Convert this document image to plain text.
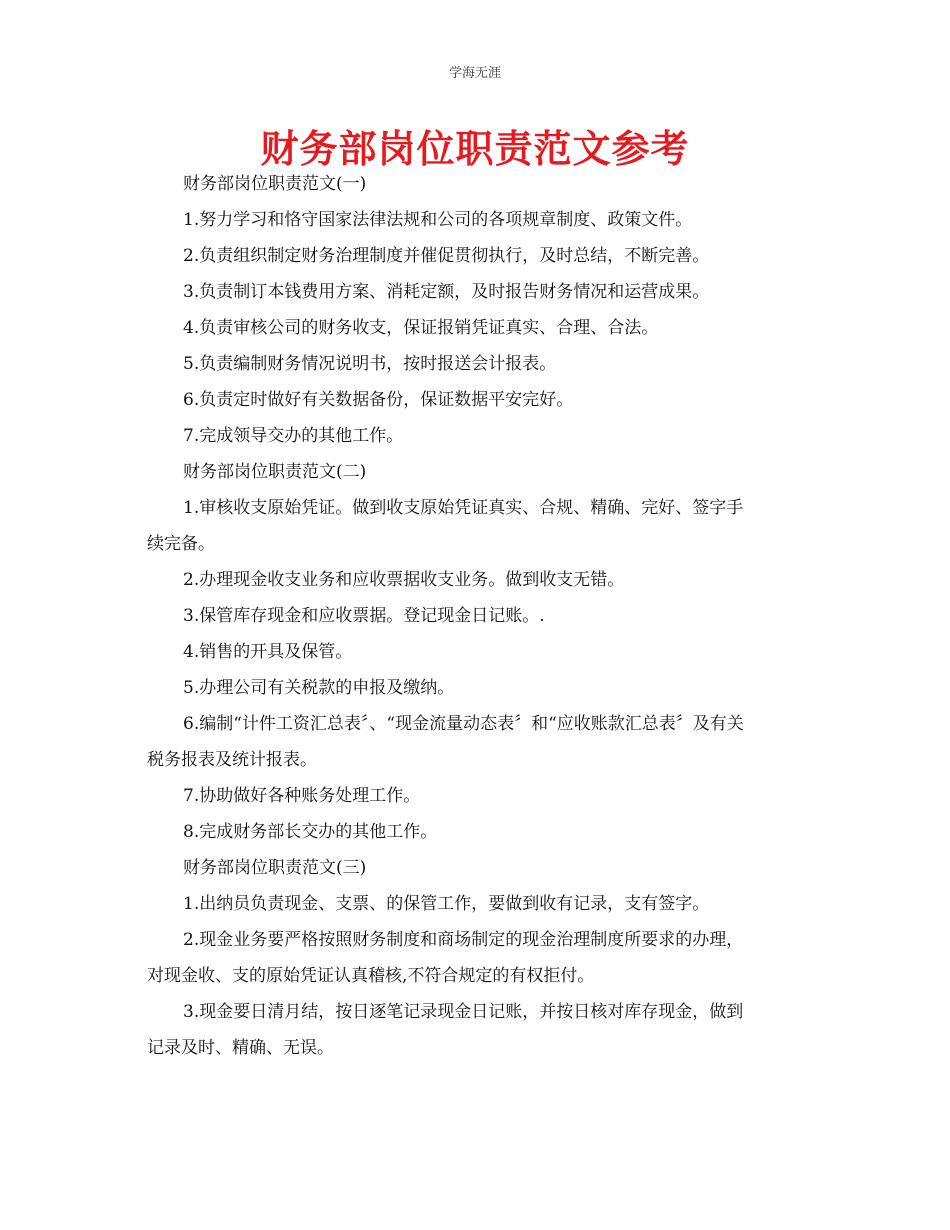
学海无涯
财务部岗位职责范文参考
财务部岗位职责范文(一)
1.努力学习和恪守国家法律法规和公司的各项规章制度、政策文件。
2.负责组织制定财务治理制度并催促贯彻执行，及时总结，不断完善。
3.负责制订本钱费用方案、消耗定额，及时报告财务情况和运营成果。
4.负责审核公司的财务收支，保证报销凭证真实、合理、合法。
5.负责编制财务情况说明书，按时报送会计报表。
6.负责定时做好有关数据备份，保证数据平安完好。
7.完成领导交办的其他工作。
财务部岗位职责范文(二)
1.审核收支原始凭证。做到收支原始凭证真实、合规、精确、完好、签字手
续完备。
2.办理现金收支业务和应收票据收支业务。做到收支无错。
3.保管库存现金和应收票据。登记现金日记账。.
4.销售的开具及保管。
5.办理公司有关税款的申报及缴纳。
6.编制“计件工资汇总表〞、“现金流量动态表〞和“应收账款汇总表〞及有关
税务报表及统计报表。
7.协助做好各种账务处理工作。
8.完成财务部长交办的其他工作。
财务部岗位职责范文(三)
1.出纳员负责现金、支票、的保管工作，要做到收有记录，支有签字。
2.现金业务要严格按照财务制度和商场制定的现金治理制度所要求的办理，
对现金收、支的原始凭证认真稽核,不符合规定的有权拒付。
3.现金要日清月结，按日逐笔记录现金日记账，并按日核对库存现金，做到
记录及时、精确、无误。
